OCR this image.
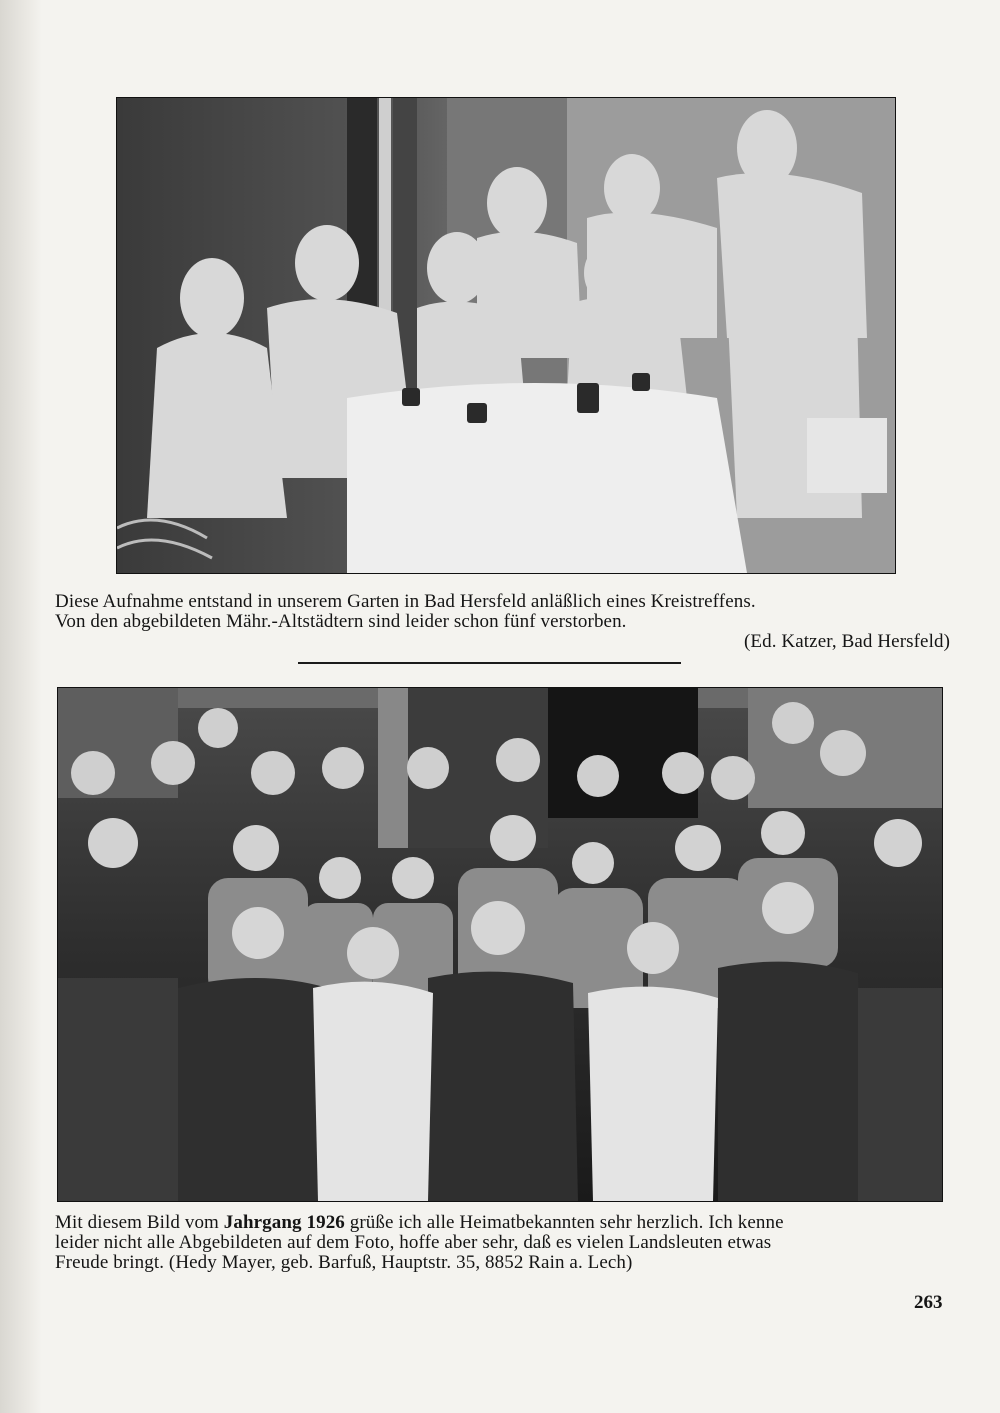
Diese Aufnahme entstand in unserem Garten in Bad Hersfeld anläßlich eines Kreistreffens.
Von den abgebildeten Mähr.-Altstädtern sind leider schon fünf verstorben.
(Ed. Katzer, Bad Hersfeld)
Mit diesem Bild vom Jahrgang 1926 grüße ich alle Heimatbekannten sehr herzlich. Ich kenne
leider nicht alle Abgebildeten auf dem Foto, hoffe aber sehr, daß es vielen Landsleuten etwas
Freude bringt. (Hedy Mayer, geb. Barfuß, Hauptstr. 35, 8852 Rain a. Lech)
263
